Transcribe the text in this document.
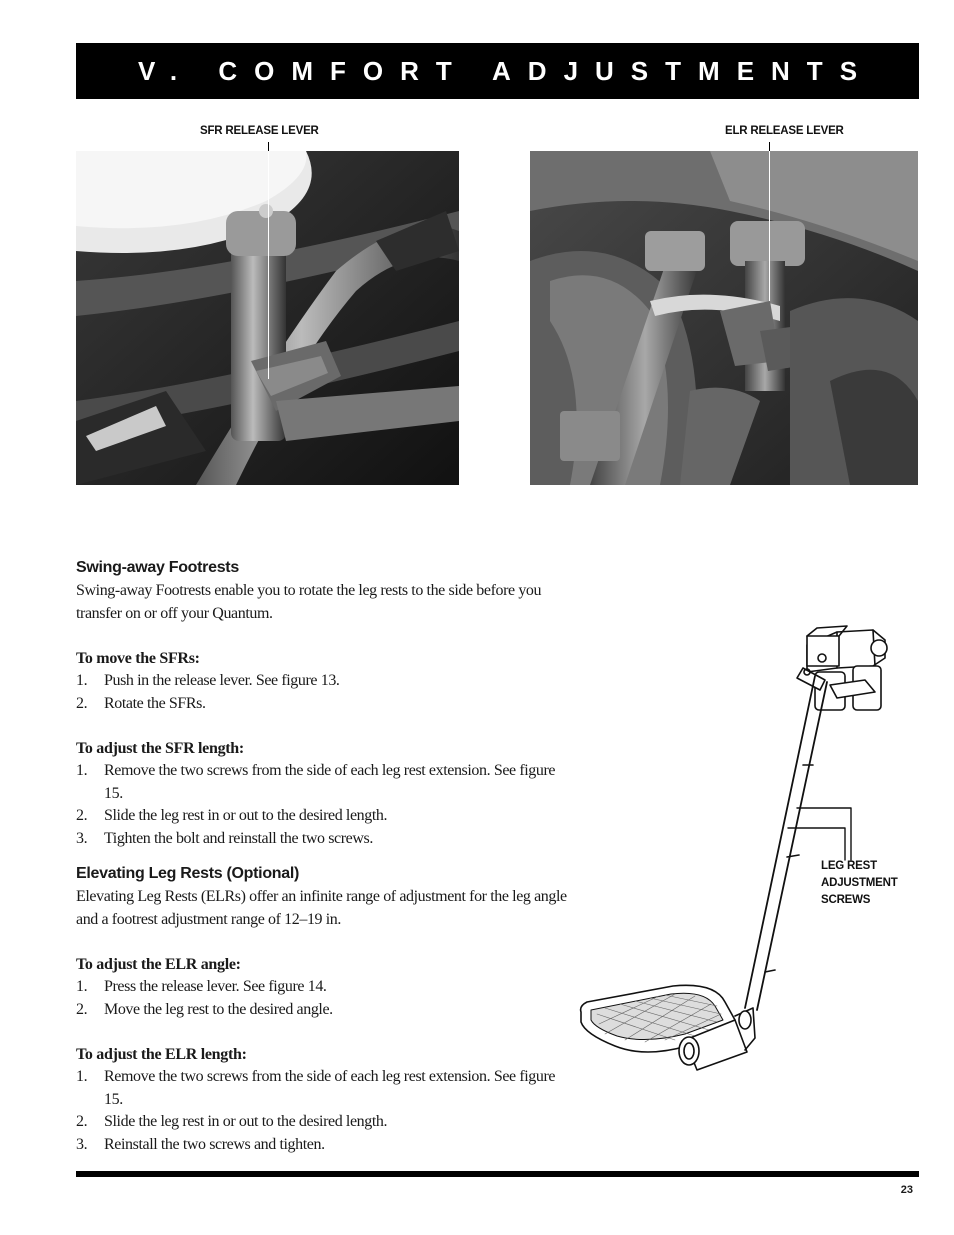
V. COMFORT ADJUSTMENTS
SFR RELEASE LEVER	ELR RELEASE LEVER
Swing-away Footrests

Swing-away Footrests enable you to rotate the leg rests to the side before you transfer on or off your Quantum.

To move the SFRs:

1. Push in the release lever. See figure 13.
2. Rotate the SFRs.

To adjust the SFR length:

1. Remove the two screws from the side of each leg rest extension. See figure 15.
2. Slide the leg rest in or out to the desired length.
3. Tighten the bolt and reinstall the two screws.
Elevating Leg Rests (Optional)

Elevating Leg Rests (ELRs) offer an infinite range of adjustment for the leg angle and a footrest adjustment range of 12–19 in.

To adjust the ELR angle:

1. Press the release lever. See figure 14.
2. Move the leg rest to the desired angle.

To adjust the ELR length:

1. Remove the two screws from the side of each leg rest extension. See figure 15.
2. Slide the leg rest in or out to the desired length.
3. Reinstall the two screws and tighten.
LEG REST
ADJUSTMENT
SCREWS
23
